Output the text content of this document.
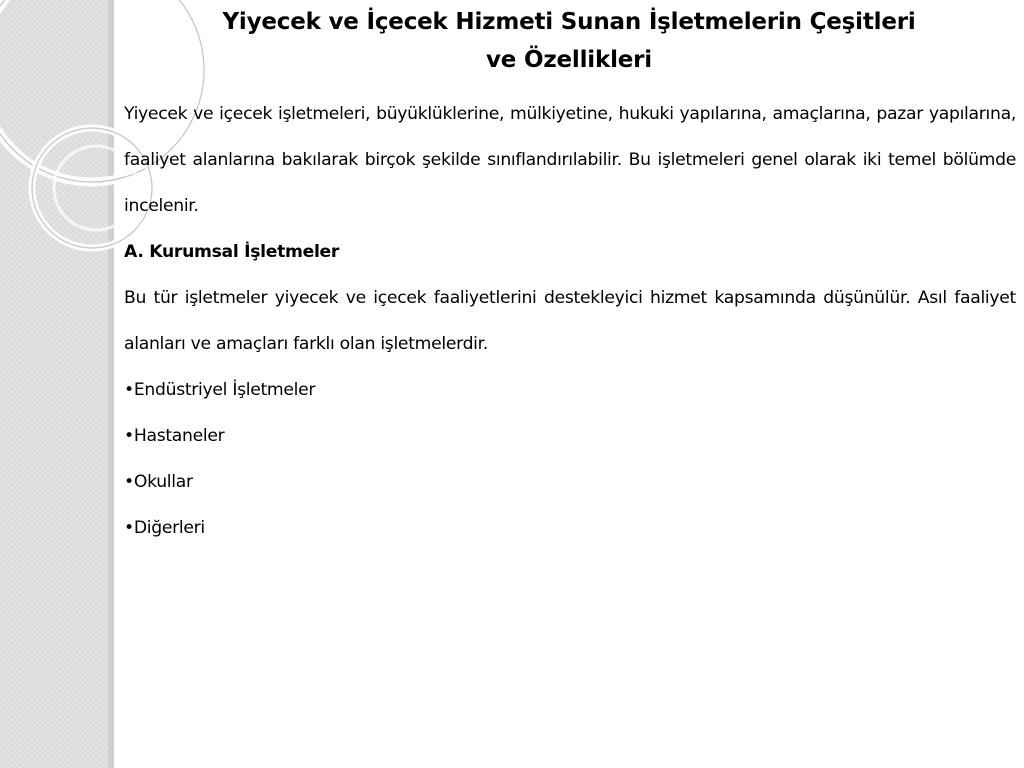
Yiyecek ve İçecek Hizmeti Sunan İşletmelerin Çeşitleri
ve Özellikleri

Yiyecek ve içecek işletmeleri, büyüklüklerine, mülkiyetine, hukuki yapılarına, amaçlarına, pazar yapılarına, faaliyet alanlarına bakılarak birçok şekilde sınıflandırılabilir. Bu işletmeleri genel olarak iki temel bölümde incelenir.

A. Kurumsal İşletmeler

Bu tür işletmeler yiyecek ve içecek faaliyetlerini destekleyici hizmet kapsamında düşünülür. Asıl faaliyet alanları ve amaçları farklı olan işletmelerdir.

•Endüstriyel İşletmeler

•Hastaneler

•Okullar

•Diğerleri
